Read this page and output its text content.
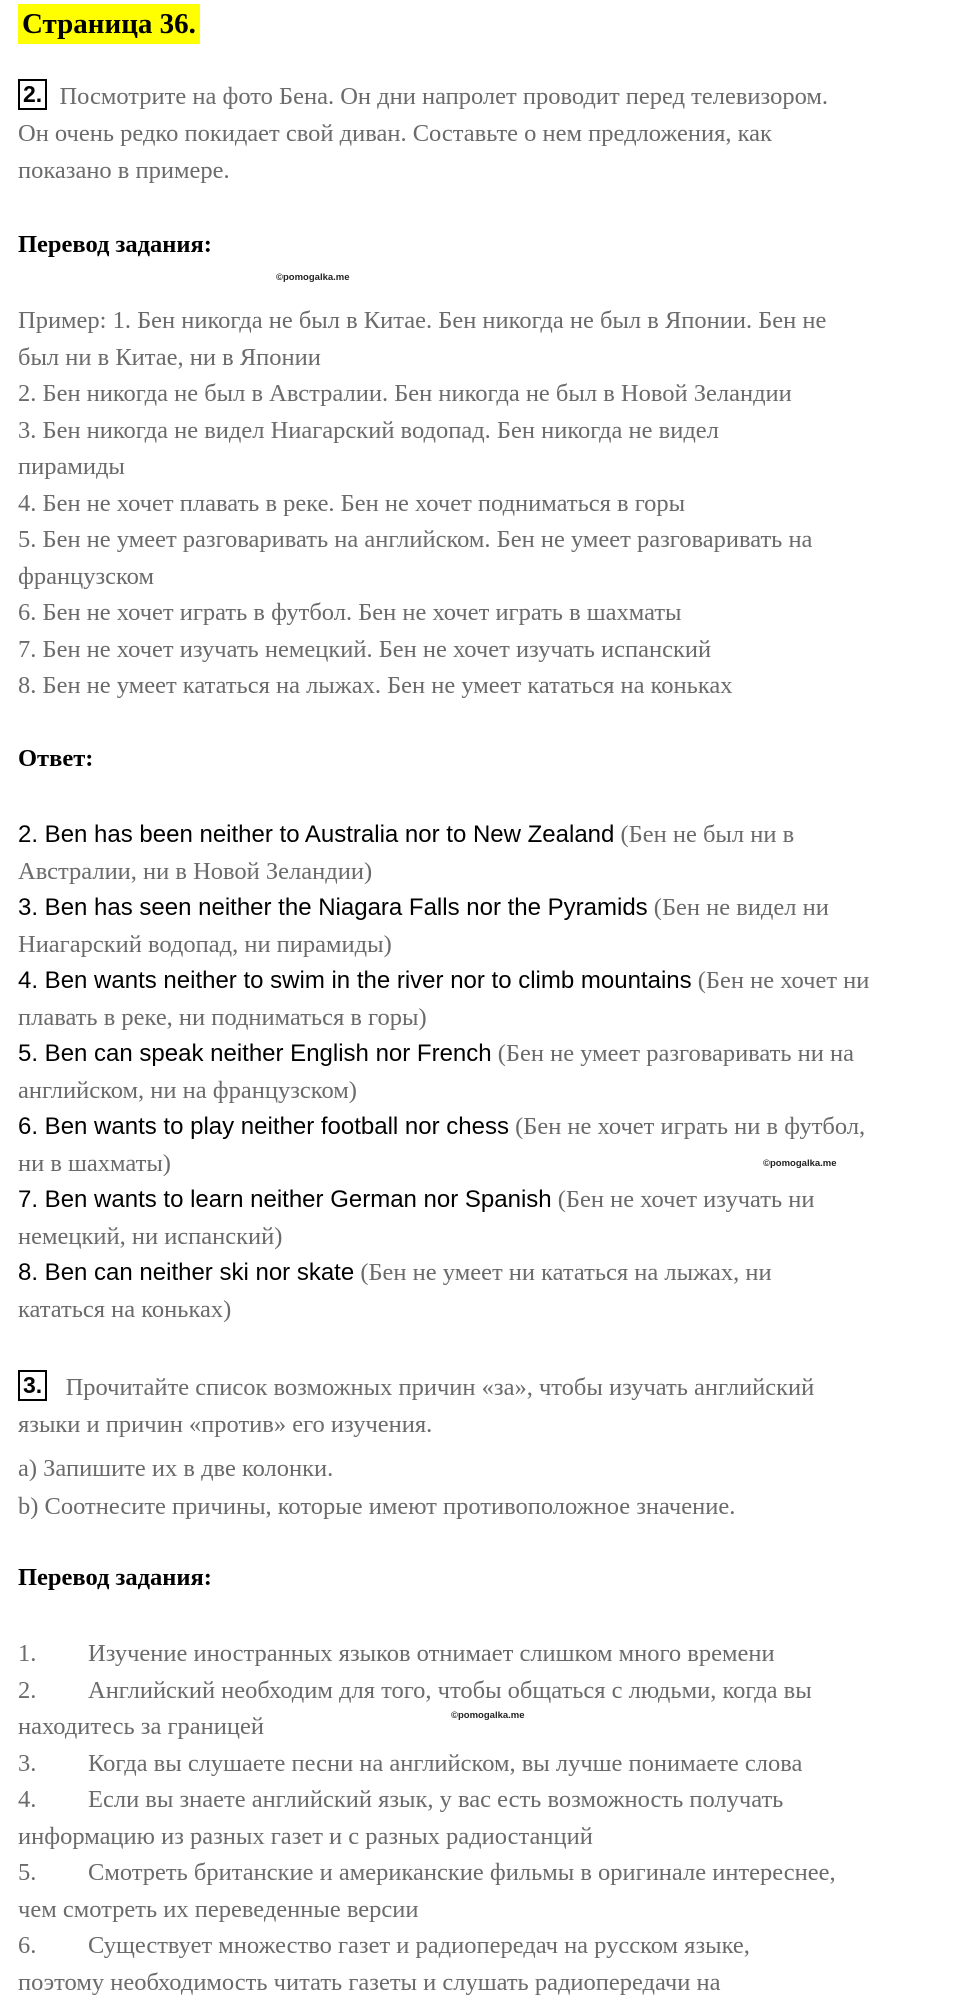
Страница 36.
2. Посмотрите на фото Бена. Он дни напролет проводит перед телевизором.
Он очень редко покидает свой диван. Составьте о нем предложения, как
показано в примере.
Перевод задания:
©pomogalka.me
Пример: 1. Бен никогда не был в Китае. Бен никогда не был в Японии. Бен не
был ни в Китае, ни в Японии
2. Бен никогда не был в Австралии. Бен никогда не был в Новой Зеландии
3. Бен никогда не видел Ниагарский водопад. Бен никогда не видел
пирамиды
4. Бен не хочет плавать в реке. Бен не хочет подниматься в горы
5. Бен не умеет разговаривать на английском. Бен не умеет разговаривать на
французском
6. Бен не хочет играть в футбол. Бен не хочет играть в шахматы
7. Бен не хочет изучать немецкий. Бен не хочет изучать испанский
8. Бен не умеет кататься на лыжах. Бен не умеет кататься на коньках
Ответ:
2. Ben has been neither to Australia nor to New Zealand (Бен не был ни в
Австралии, ни в Новой Зеландии)
3. Ben has seen neither the Niagara Falls nor the Pyramids (Бен не видел ни
Ниагарский водопад, ни пирамиды)
4. Ben wants neither to swim in the river nor to climb mountains (Бен не хочет ни
плавать в реке, ни подниматься в горы)
5. Ben can speak neither English nor French (Бен не умеет разговаривать ни на
английском, ни на французском)
6. Ben wants to play neither football nor chess (Бен не хочет играть ни в футбол,
ни в шахматы)	©pomogalka.me
7. Ben wants to learn neither German nor Spanish (Бен не хочет изучать ни
немецкий, ни испанский)
8. Ben can neither ski nor skate (Бен не умеет ни кататься на лыжах, ни
кататься на коньках)
3. Прочитайте список возможных причин «за», чтобы изучать английский
языки и причин «против» его изучения.
a) Запишите их в две колонки.
b) Соотнесите причины, которые имеют противоположное значение.
Перевод задания:
1. Изучение иностранных языков отнимает слишком много времени
2. Английский необходим для того, чтобы общаться с людьми, когда вы
находитесь за границей	©pomogalka.me
3. Когда вы слушаете песни на английском, вы лучше понимаете слова
4. Если вы знаете английский язык, у вас есть возможность получать
информацию из разных газет и с разных радиостанций
5. Смотреть британские и американские фильмы в оригинале интереснее,
чем смотреть их переведенные версии
6. Существует множество газет и радиопередач на русском языке,
поэтому необходимость читать газеты и слушать радиопередачи на
